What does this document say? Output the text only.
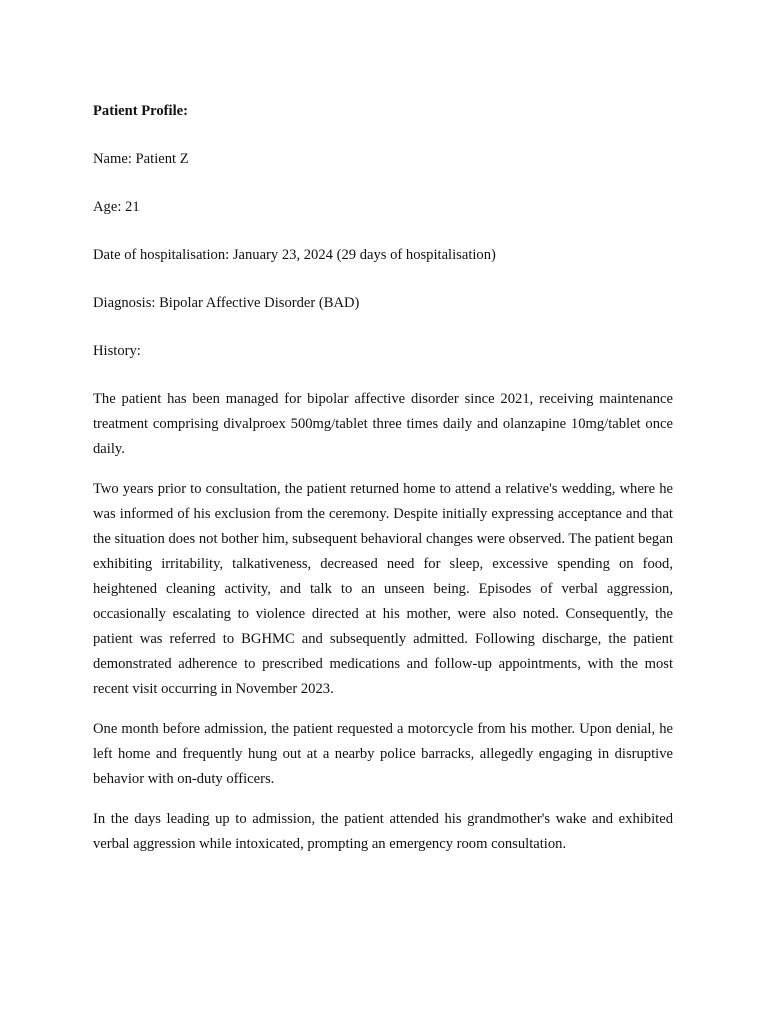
Patient Profile:

Name: Patient Z

Age: 21

Date of hospitalisation: January 23, 2024 (29 days of hospitalisation)

Diagnosis: Bipolar Affective Disorder (BAD)

History:

The patient has been managed for bipolar affective disorder since 2021, receiving maintenance treatment comprising divalproex 500mg/tablet three times daily and olanzapine 10mg/tablet once daily.

Two years prior to consultation, the patient returned home to attend a relative's wedding, where he was informed of his exclusion from the ceremony. Despite initially expressing acceptance and that the situation does not bother him, subsequent behavioral changes were observed. The patient began exhibiting irritability, talkativeness, decreased need for sleep, excessive spending on food, heightened cleaning activity, and talk to an unseen being. Episodes of verbal aggression, occasionally escalating to violence directed at his mother, were also noted. Consequently, the patient was referred to BGHMC and subsequently admitted. Following discharge, the patient demonstrated adherence to prescribed medications and follow-up appointments, with the most recent visit occurring in November 2023.

One month before admission, the patient requested a motorcycle from his mother. Upon denial, he left home and frequently hung out at a nearby police barracks, allegedly engaging in disruptive behavior with on-duty officers.

In the days leading up to admission, the patient attended his grandmother's wake and exhibited verbal aggression while intoxicated, prompting an emergency room consultation.
